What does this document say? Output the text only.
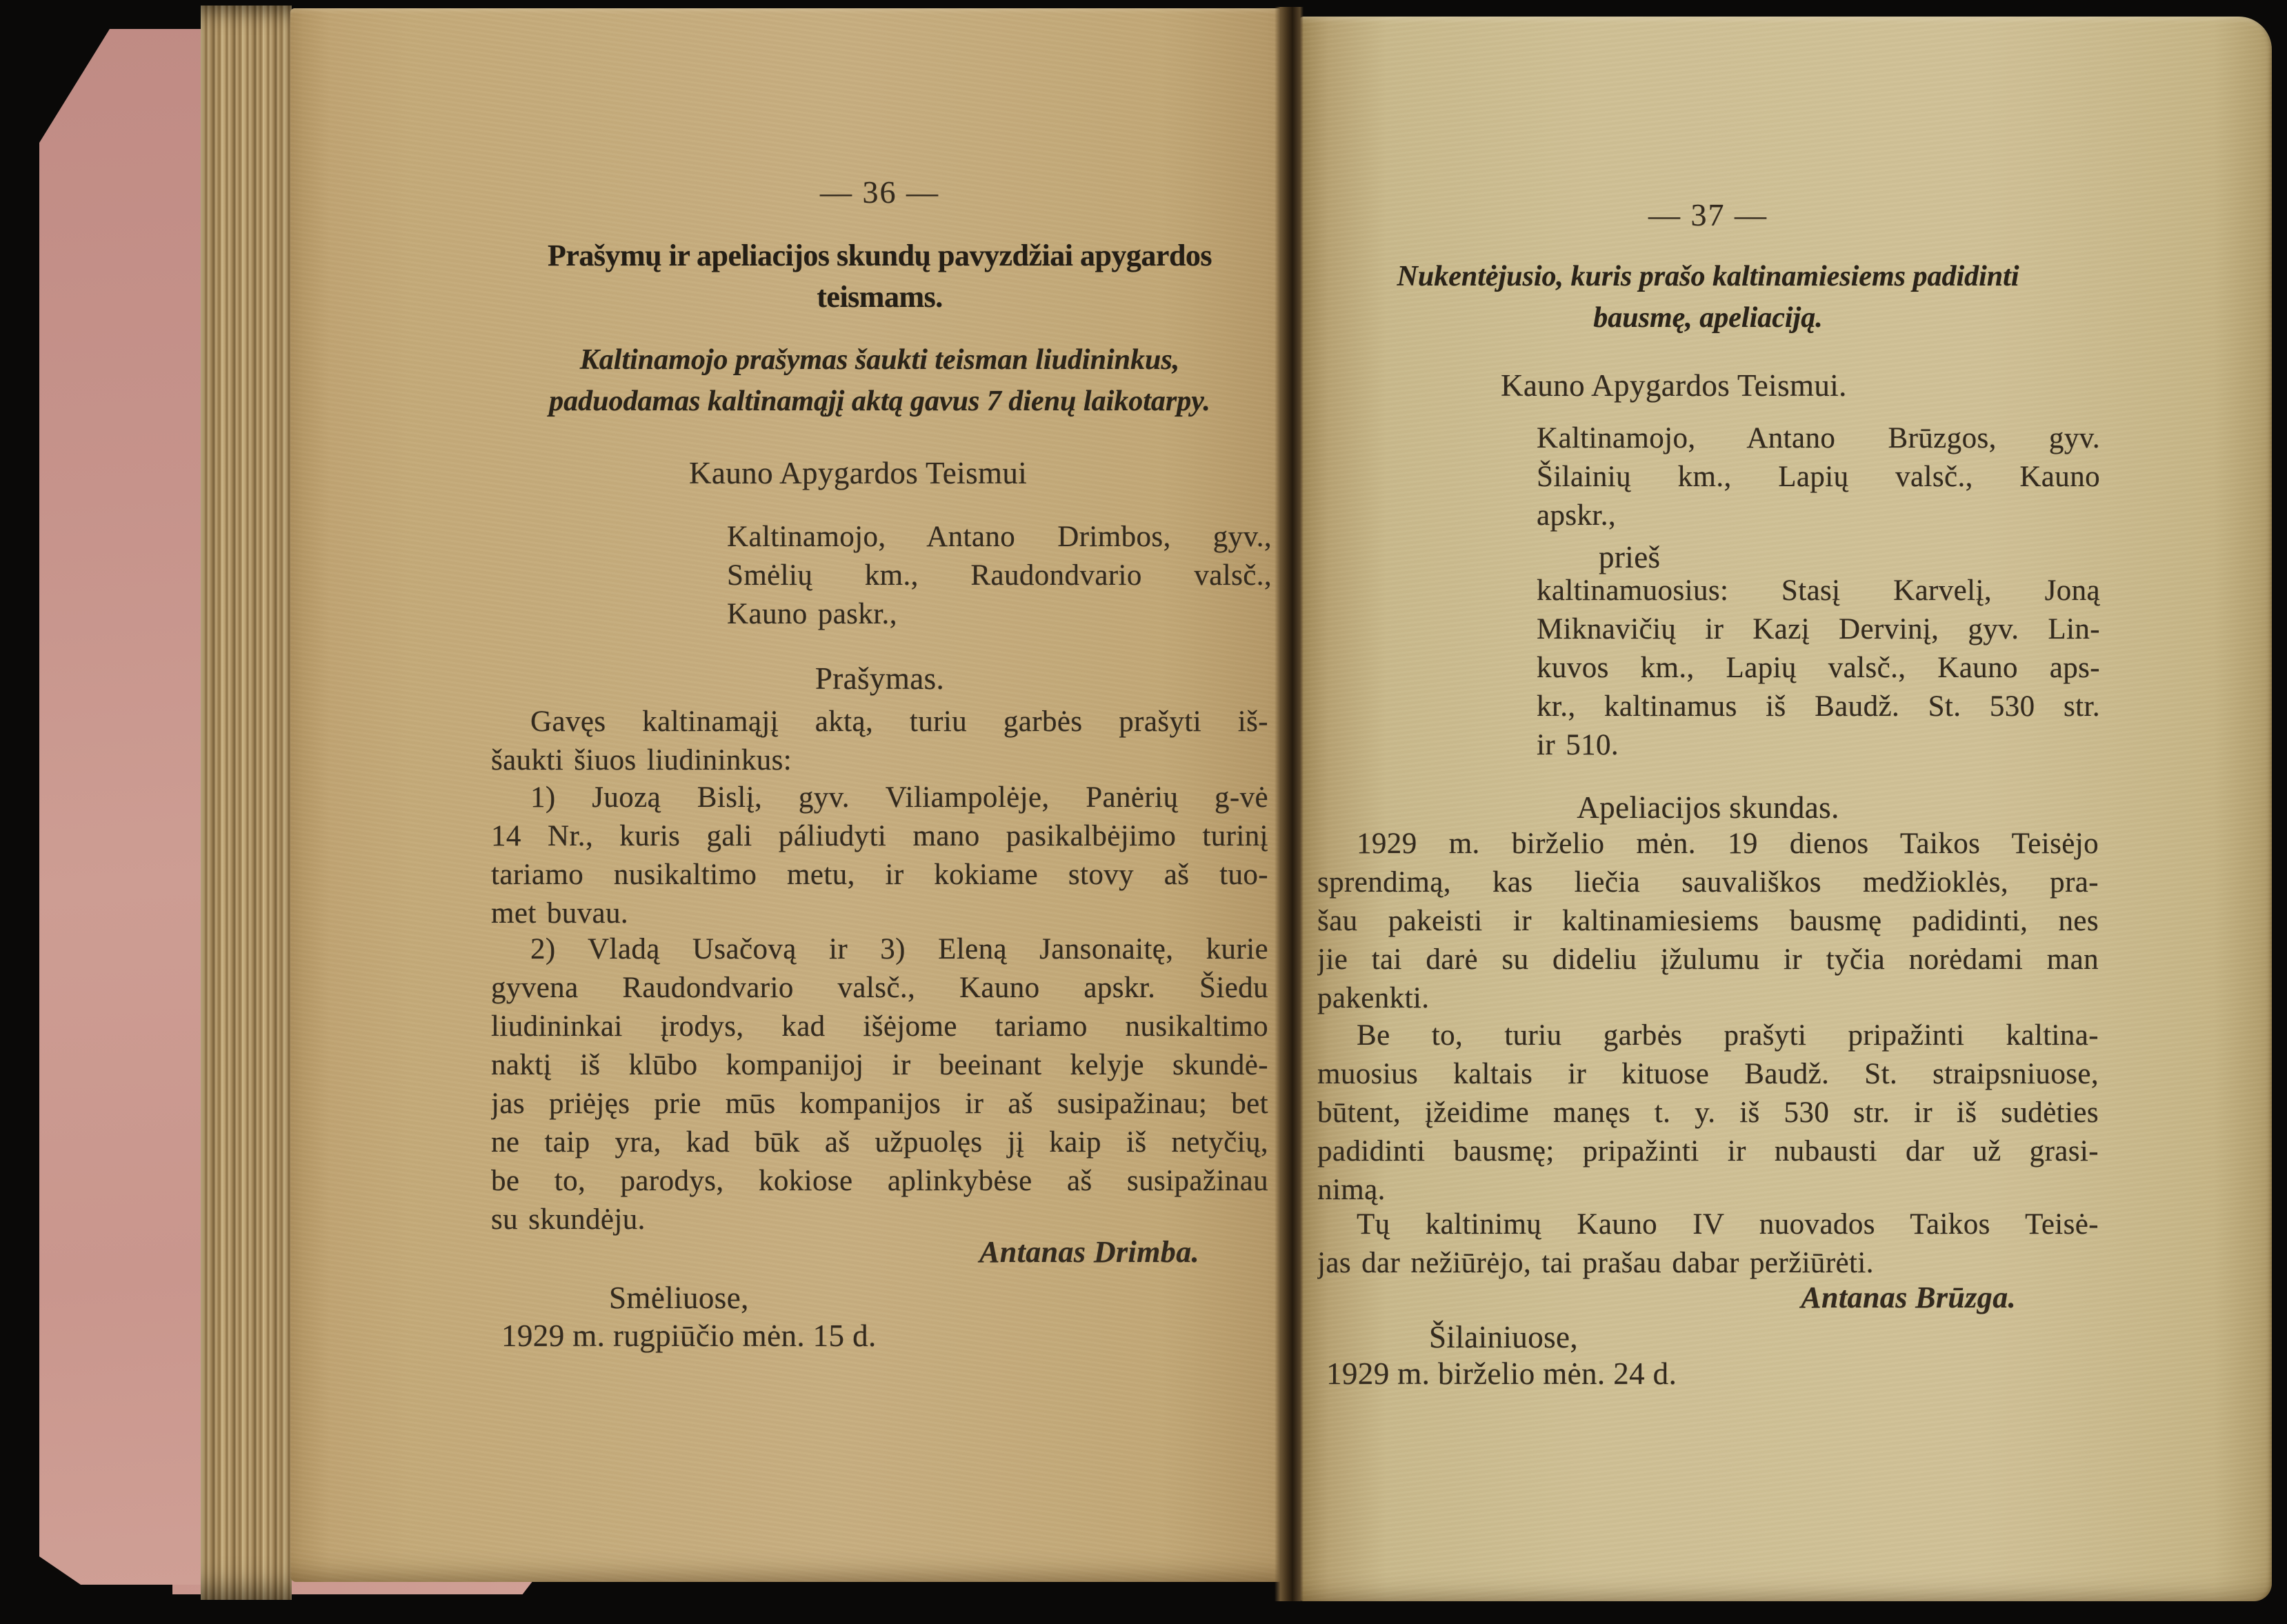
— 36 —
Prašymų ir apeliacijos skundų pavyzdžiai apygardos
teismams.
Kaltinamojo prašymas šaukti teisman liudininkus,
paduodamas kaltinamąjį aktą gavus 7 dienų laikotarpy.
Kauno Apygardos Teismui
Kaltinamojo, Antano Drimbos, gyv.,
Smėlių km., Raudondvario valsč.,
Kauno paskr.,
Prašymas.
Gavęs kaltinamąjį aktą, turiu garbės prašyti iš-
šaukti šiuos liudininkus:
1) Juozą Bislį, gyv. Viliampolėje, Panėrių g-vė
14 Nr., kuris gali páliudyti mano pasikalbėjimo turinį
tariamo nusikaltimo metu, ir kokiame stovy aš tuo-
met buvau.
2) Vladą Usačovą ir 3) Eleną Jansonaitę, kurie
gyvena Raudondvario valsč., Kauno apskr. Šiedu
liudininkai įrodys, kad išėjome tariamo nusikaltimo
naktį iš klūbo kompanijoj ir beeinant kelyje skundė-
jas priėjęs prie mūs kompanijos ir aš susipažinau; bet
ne taip yra, kad būk aš užpuolęs jį kaip iš netyčių,
be to, parodys, kokiose aplinkybėse aš susipažinau
su skundėju.
Antanas Drimba.
Smėliuose,
1929 m. rugpiūčio mėn. 15 d.
— 37 —
Nukentėjusio, kuris prašo kaltinamiesiems padidinti
bausmę, apeliaciją.
Kauno Apygardos Teismui.
Kaltinamojo, Antano Brūzgos, gyv.
Šilainių km., Lapių valsč., Kauno
apskr.,
prieš
kaltinamuosius: Stasį Karvelį, Joną
Miknavičių ir Kazį Dervinį, gyv. Lin-
kuvos km., Lapių valsč., Kauno aps-
kr., kaltinamus iš Baudž. St. 530 str.
ir 510.
Apeliacijos skundas.
1929 m. birželio mėn. 19 dienos Taikos Teisėjo
sprendimą, kas liečia sauvališkos medžioklės, pra-
šau pakeisti ir kaltinamiesiems bausmę padidinti, nes
jie tai darė su dideliu įžulumu ir tyčia norėdami man
pakenkti.
Be to, turiu garbės prašyti pripažinti kaltina-
muosius kaltais ir kituose Baudž. St. straipsniuose,
būtent, įžeidime manęs t. y. iš 530 str. ir iš sudėties
padidinti bausmę; pripažinti ir nubausti dar už grasi-
nimą.
Tų kaltinimų Kauno IV nuovados Taikos Teisė-
jas dar nežiūrėjo, tai prašau dabar peržiūrėti.
Antanas Brūzga.
Šilainiuose,
1929 m. birželio mėn. 24 d.
